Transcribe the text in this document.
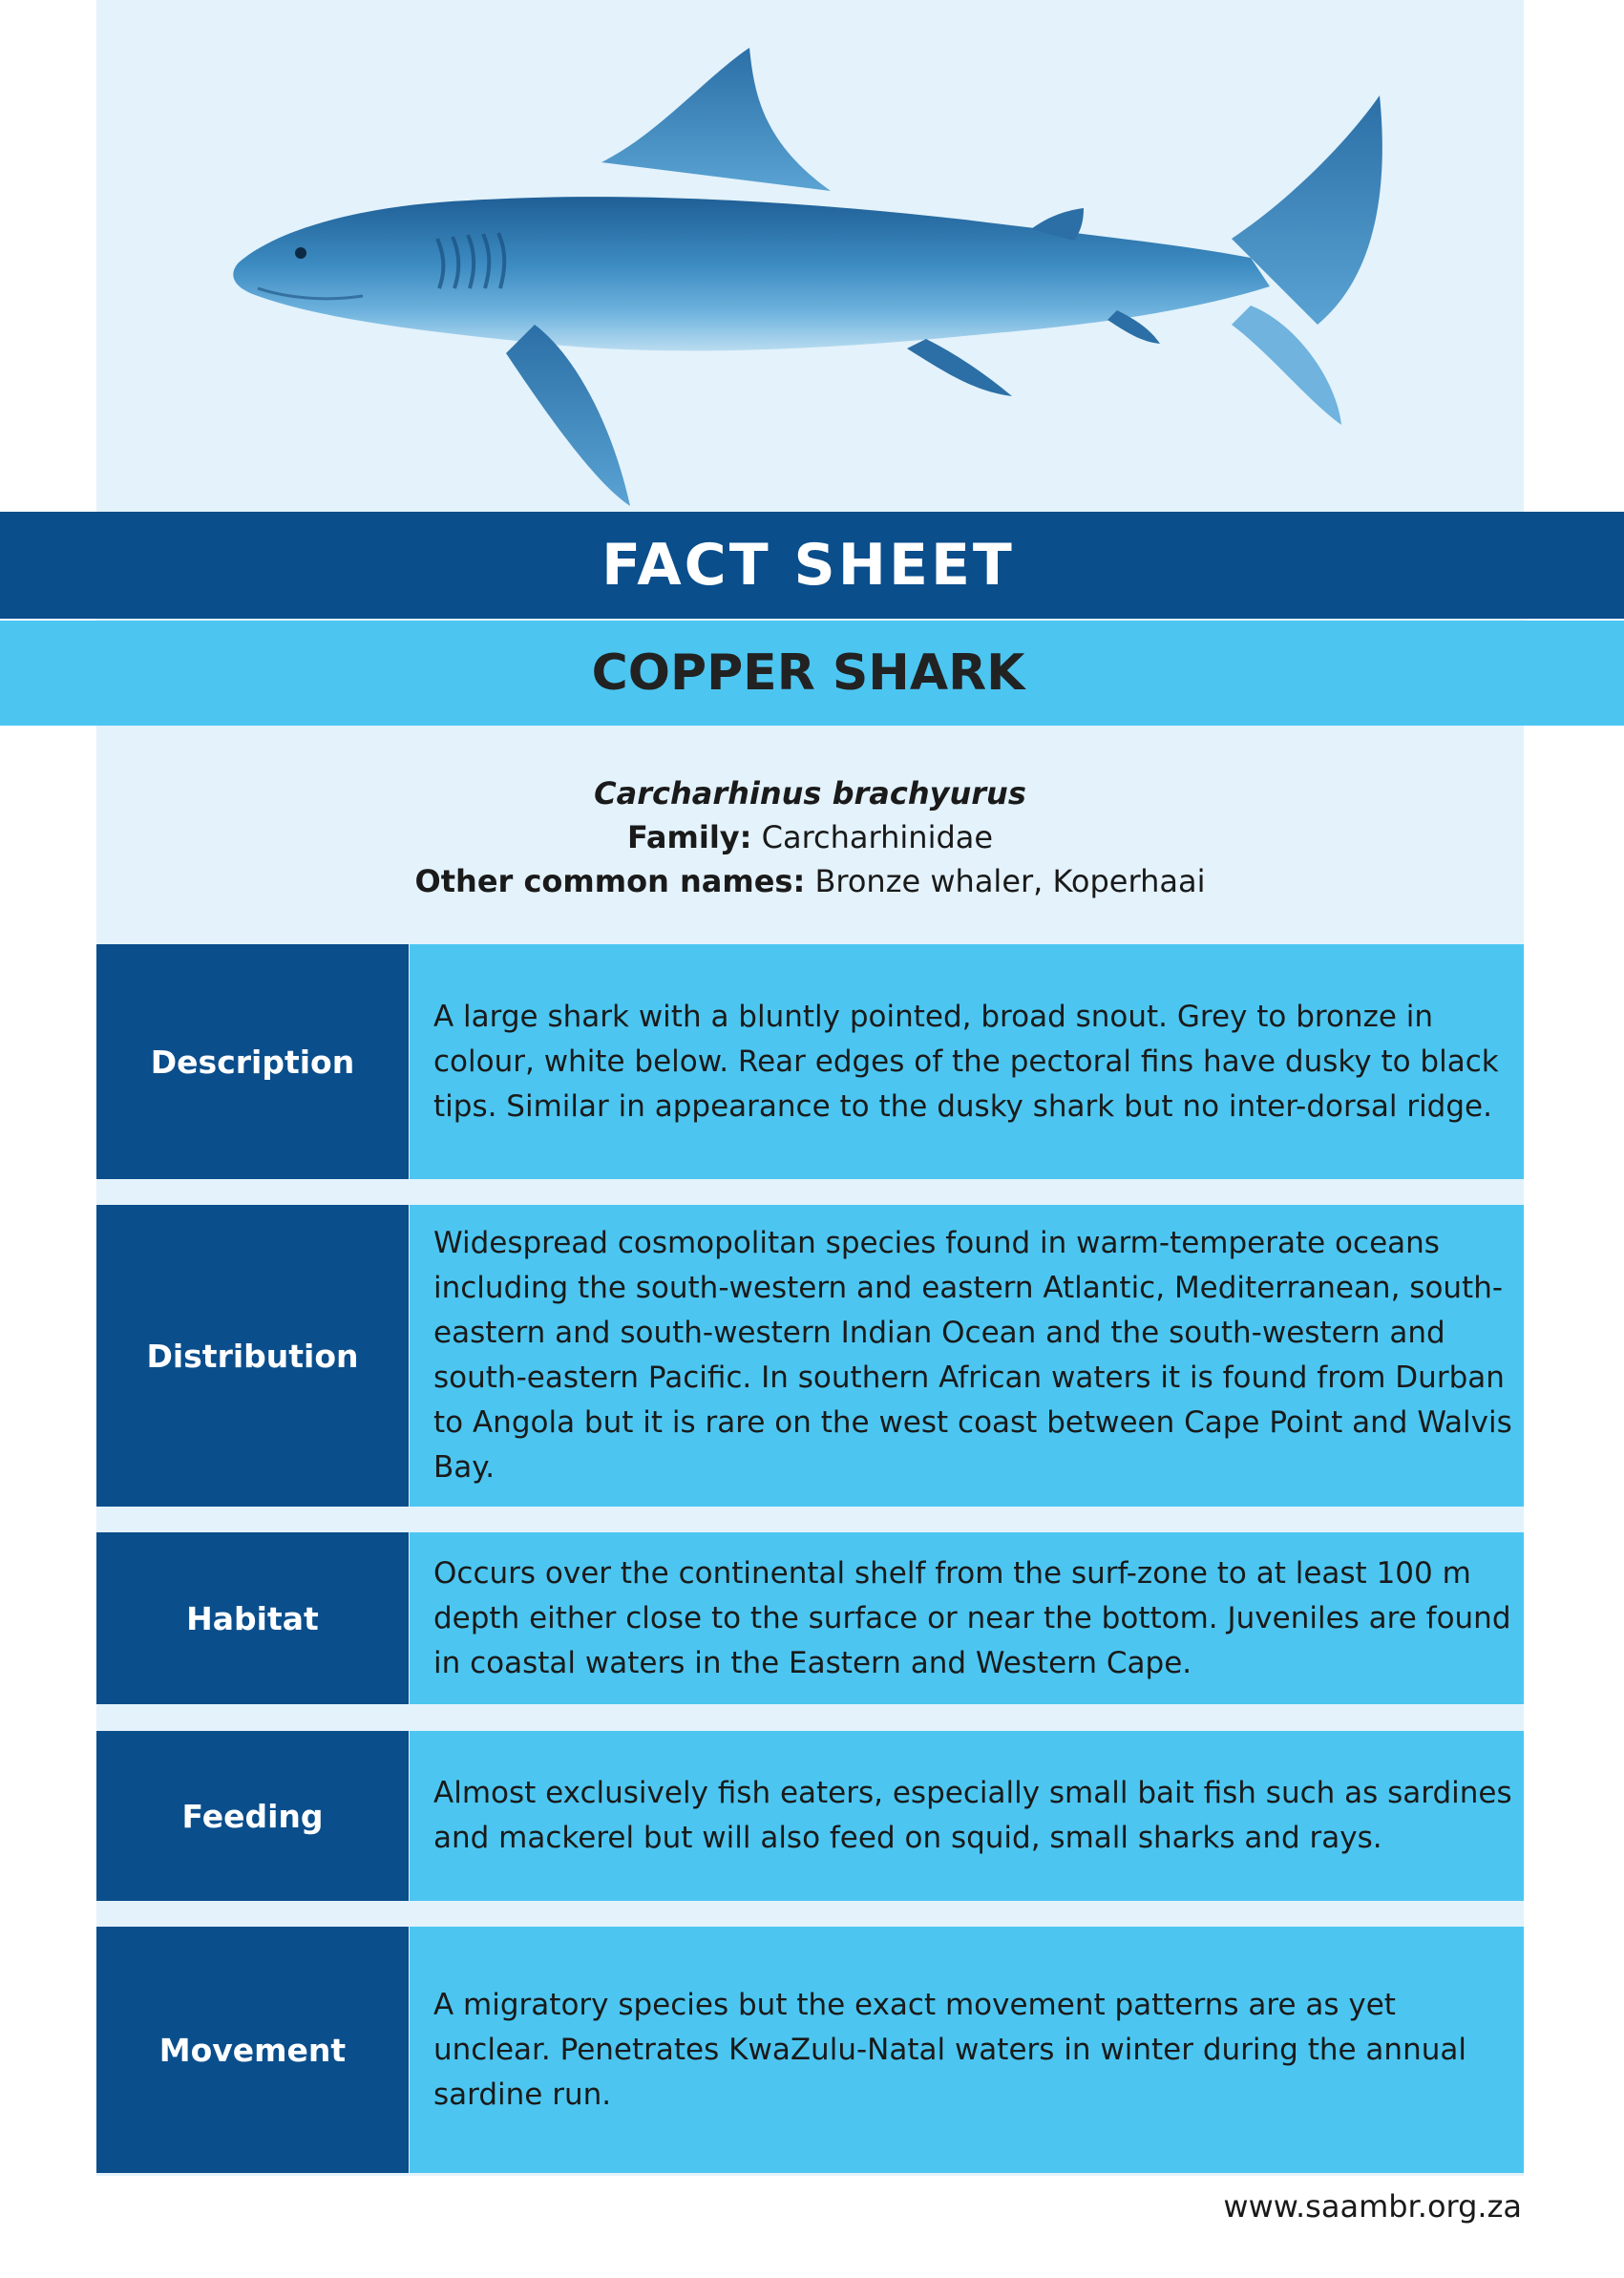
FACT SHEET
COPPER SHARK
Carcharhinus brachyurus
Family: Carcharhinidae
Other common names: Bronze whaler, Koperhaai
Description
A large shark with a bluntly pointed, broad snout. Grey to bronze in colour, white below. Rear edges of the pectoral fins have dusky to black tips. Similar in appearance to the dusky shark but no inter-dorsal ridge.
Distribution
Widespread cosmopolitan species found in warm-temperate oceans including the south-western and eastern Atlantic, Mediterranean, south-eastern and south-western Indian Ocean and the south-western and south-eastern Pacific. In southern African waters it is found from Durban to Angola but it is rare on the west coast between Cape Point and Walvis Bay.
Habitat
Occurs over the continental shelf from the surf-zone to at least 100 m depth either close to the surface or near the bottom. Juveniles are found in coastal waters in the Eastern and Western Cape.
Feeding
Almost exclusively fish eaters, especially small bait fish such as sardines and mackerel but will also feed on squid, small sharks and rays.
Movement
A migratory species but the exact movement patterns are as yet unclear. Penetrates KwaZulu-Natal waters in winter during the annual sardine run.
www.saambr.org.za
